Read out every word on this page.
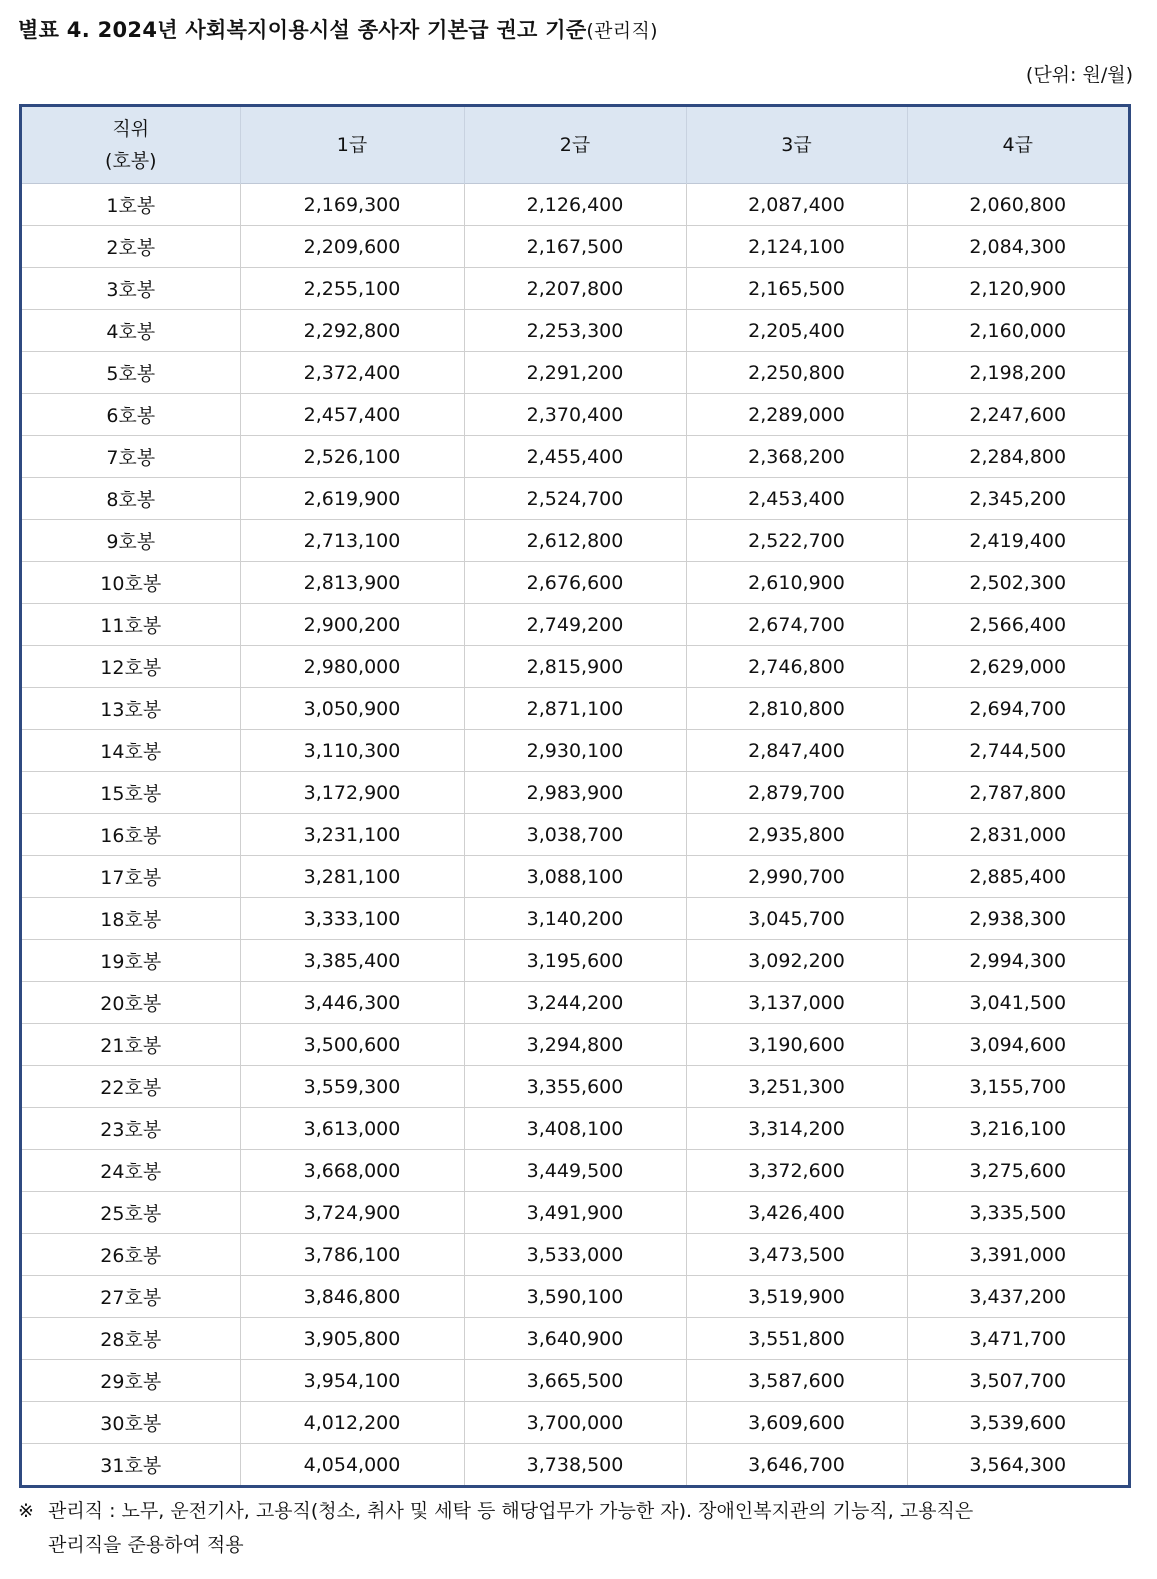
별표 4. 2024년 사회복지이용시설 종사자 기본급 권고 기준(관리직)
(단위: 원/월)
직위
(호봉)	1급	2급	3급	4급
1호봉	2,169,300	2,126,400	2,087,400	2,060,800
2호봉	2,209,600	2,167,500	2,124,100	2,084,300
3호봉	2,255,100	2,207,800	2,165,500	2,120,900
4호봉	2,292,800	2,253,300	2,205,400	2,160,000
5호봉	2,372,400	2,291,200	2,250,800	2,198,200
6호봉	2,457,400	2,370,400	2,289,000	2,247,600
7호봉	2,526,100	2,455,400	2,368,200	2,284,800
8호봉	2,619,900	2,524,700	2,453,400	2,345,200
9호봉	2,713,100	2,612,800	2,522,700	2,419,400
10호봉	2,813,900	2,676,600	2,610,900	2,502,300
11호봉	2,900,200	2,749,200	2,674,700	2,566,400
12호봉	2,980,000	2,815,900	2,746,800	2,629,000
13호봉	3,050,900	2,871,100	2,810,800	2,694,700
14호봉	3,110,300	2,930,100	2,847,400	2,744,500
15호봉	3,172,900	2,983,900	2,879,700	2,787,800
16호봉	3,231,100	3,038,700	2,935,800	2,831,000
17호봉	3,281,100	3,088,100	2,990,700	2,885,400
18호봉	3,333,100	3,140,200	3,045,700	2,938,300
19호봉	3,385,400	3,195,600	3,092,200	2,994,300
20호봉	3,446,300	3,244,200	3,137,000	3,041,500
21호봉	3,500,600	3,294,800	3,190,600	3,094,600
22호봉	3,559,300	3,355,600	3,251,300	3,155,700
23호봉	3,613,000	3,408,100	3,314,200	3,216,100
24호봉	3,668,000	3,449,500	3,372,600	3,275,600
25호봉	3,724,900	3,491,900	3,426,400	3,335,500
26호봉	3,786,100	3,533,000	3,473,500	3,391,000
27호봉	3,846,800	3,590,100	3,519,900	3,437,200
28호봉	3,905,800	3,640,900	3,551,800	3,471,700
29호봉	3,954,100	3,665,500	3,587,600	3,507,700
30호봉	4,012,200	3,700,000	3,609,600	3,539,600
31호봉	4,054,000	3,738,500	3,646,700	3,564,300
※ 관리직 : 노무, 운전기사, 고용직(청소, 취사 및 세탁 등 해당업무가 가능한 자). 장애인복지관의 기능직, 고용직은
관리직을 준용하여 적용
